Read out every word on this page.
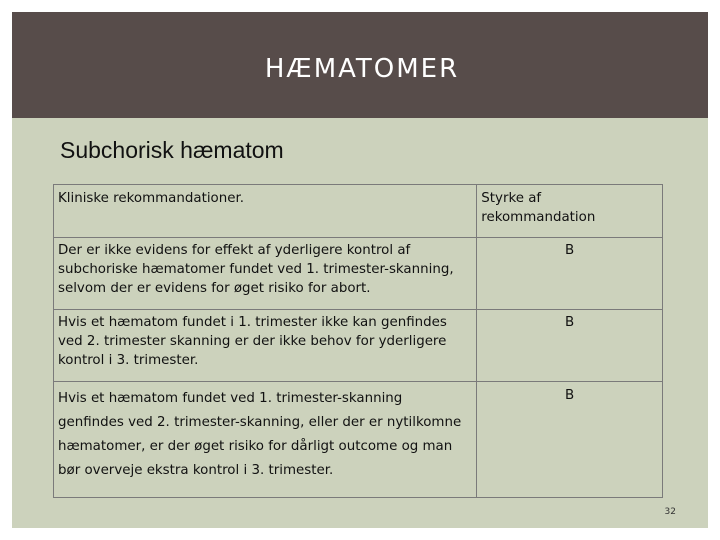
HÆMATOMER
Subchorisk hæmatom
Kliniske rekommandationer.	Styrke af rekommandation
Der er ikke evidens for effekt af yderligere kontrol af subchoriske hæmatomer fundet ved 1. trimester-skanning, selvom der er evidens for øget risiko for abort.	B
Hvis et hæmatom fundet i 1. trimester ikke kan genfindes ved 2. trimester skanning er der ikke behov for yderligere kontrol i 3. trimester.	B
Hvis et hæmatom fundet ved 1. trimester-skanning genfindes ved 2. trimester-skanning, eller der er nytilkomne hæmatomer, er der øget risiko for dårligt outcome og man bør overveje ekstra kontrol i 3. trimester.	B
32
